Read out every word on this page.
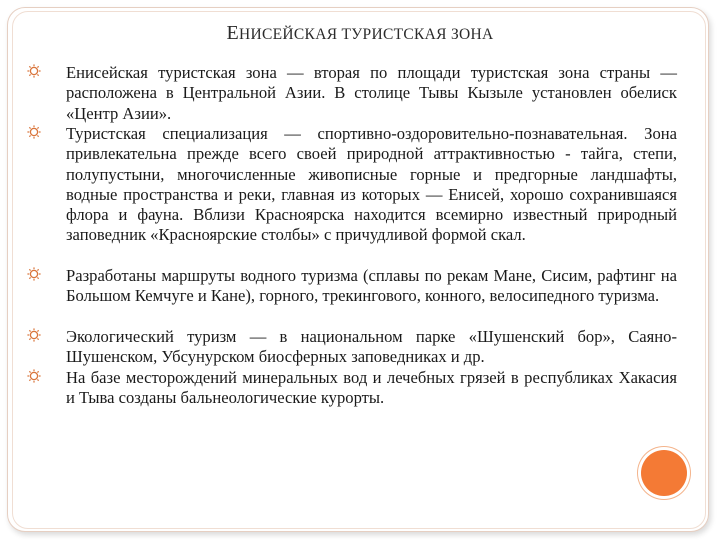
ЕНИСЕЙСКАЯ ТУРИСТСКАЯ ЗОНА
Енисейская туристская зона — вторая по площади туристская зона страны — расположена в Центральной Азии. В столице Тывы Кызыле установлен обелиск «Центр Азии».
Туристская специализация — спортивно-оздоровительно-познавательная. Зона привлекательна прежде всего своей природной аттрактивностью - тайга, степи, полупустыни, многочисленные живописные горные и предгорные ландшафты, водные пространства и реки, главная из которых — Енисей, хорошо сохранившаяся флора и фауна. Вблизи Красноярска находится всемирно известный природный заповедник «Красноярские столбы» с причудливой формой скал.
Разработаны маршруты водного туризма (сплавы по рекам Мане, Сисим, рафтинг на Большом Кемчуге и Кане), горного, трекингового, конного, велосипедного туризма.
Экологический туризм — в национальном парке «Шушенский бор», Саяно-Шушенском, Убсунурском биосферных заповедниках и др.
На базе месторождений минеральных вод и лечебных грязей в республиках Хакасия и Тыва созданы бальнеологические курорты.
